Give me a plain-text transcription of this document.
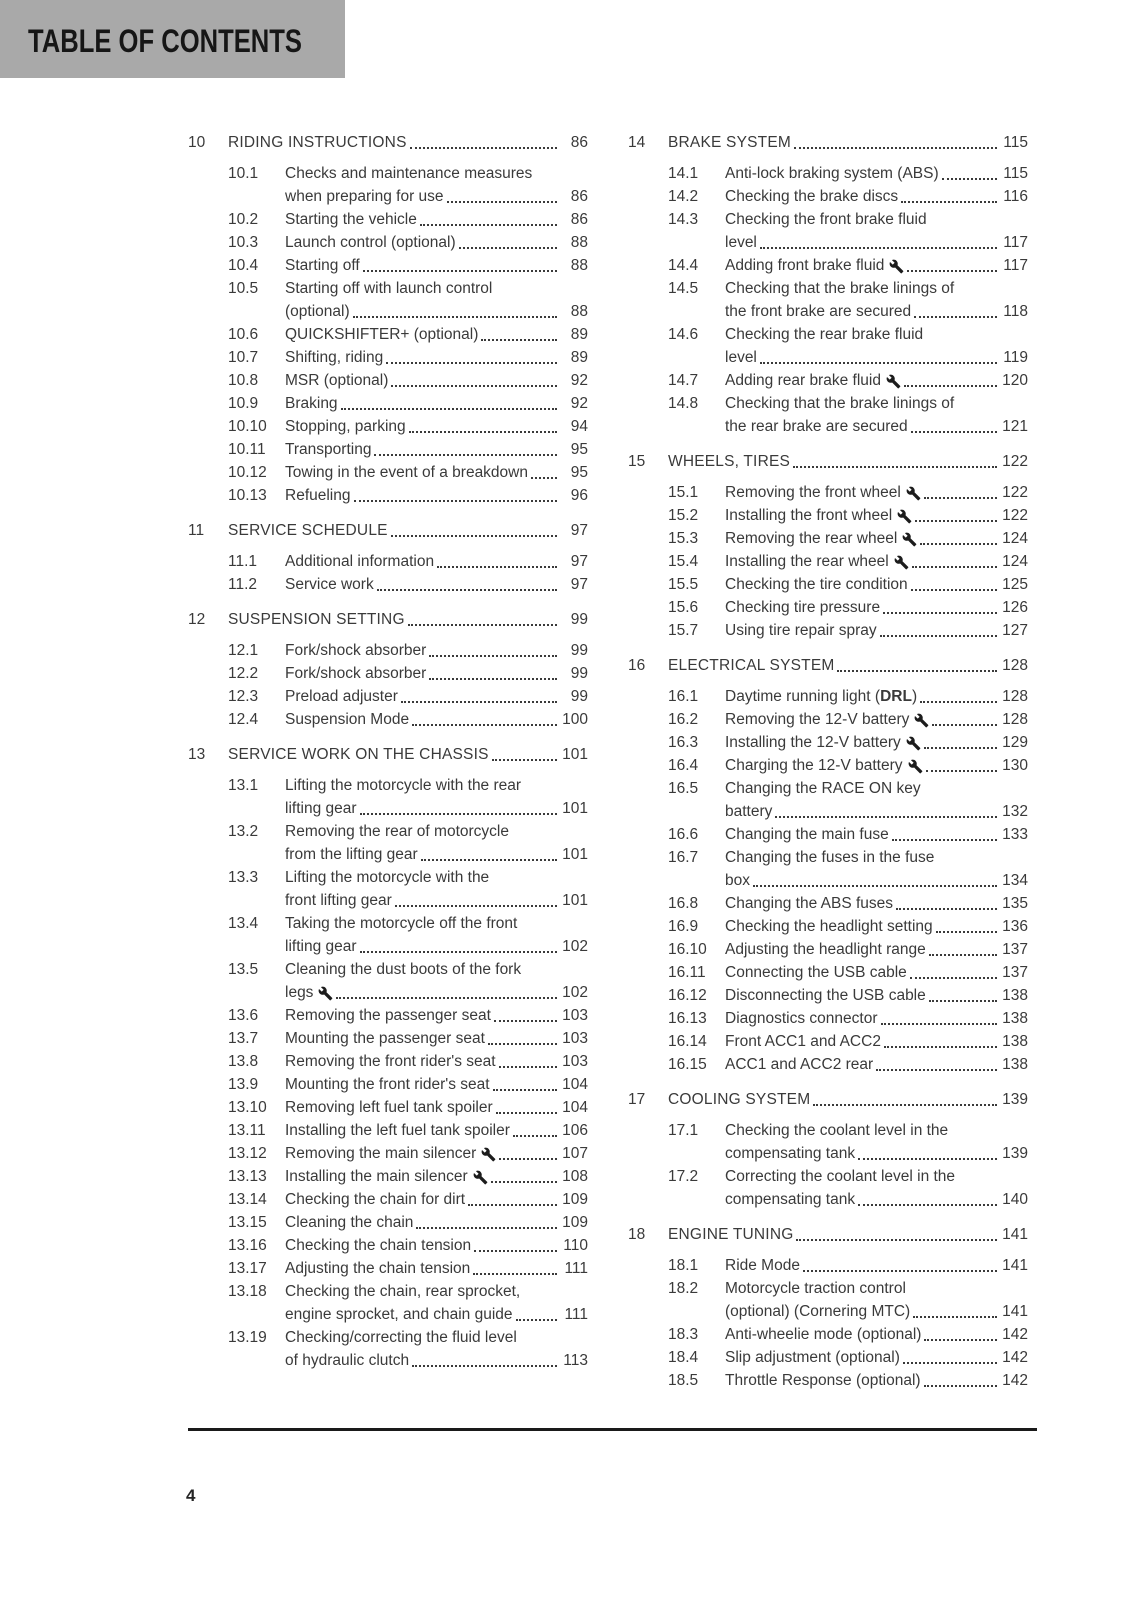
TABLE OF CONTENTS
10	RIDING INSTRUCTIONS	86
10.1	Checks and maintenance measures
when preparing for use	86
10.2	Starting the vehicle	86
10.3	Launch control (optional)	88
10.4	Starting off	88
10.5	Starting off with launch control
(optional)	88
10.6	QUICKSHIFTER+ (optional)	89
10.7	Shifting, riding	89
10.8	MSR (optional)	92
10.9	Braking	92
10.10	Stopping, parking	94
10.11	Transporting	95
10.12	Towing in the event of a breakdown	95
10.13	Refueling	96
11	SERVICE SCHEDULE	97
11.1	Additional information	97
11.2	Service work	97
12	SUSPENSION SETTING	99
12.1	Fork/shock absorber	99
12.2	Fork/shock absorber	99
12.3	Preload adjuster	99
12.4	Suspension Mode	100
13	SERVICE WORK ON THE CHASSIS	101
13.1	Lifting the motorcycle with the rear
lifting gear	101
13.2	Removing the rear of motorcycle
from the lifting gear	101
13.3	Lifting the motorcycle with the
front lifting gear	101
13.4	Taking the motorcycle off the front
lifting gear	102
13.5	Cleaning the dust boots of the fork
legs	102
13.6	Removing the passenger seat	103
13.7	Mounting the passenger seat	103
13.8	Removing the front rider's seat	103
13.9	Mounting the front rider's seat	104
13.10	Removing left fuel tank spoiler	104
13.11	Installing the left fuel tank spoiler	106
13.12	Removing the main silencer	107
13.13	Installing the main silencer	108
13.14	Checking the chain for dirt	109
13.15	Cleaning the chain	109
13.16	Checking the chain tension	110
13.17	Adjusting the chain tension	111
13.18	Checking the chain, rear sprocket,
engine sprocket, and chain guide	111
13.19	Checking/correcting the fluid level
of hydraulic clutch	113
14	BRAKE SYSTEM	115
14.1	Anti-lock braking system (ABS)	115
14.2	Checking the brake discs	116
14.3	Checking the front brake fluid
level	117
14.4	Adding front brake fluid	117
14.5	Checking that the brake linings of
the front brake are secured	118
14.6	Checking the rear brake fluid
level	119
14.7	Adding rear brake fluid	120
14.8	Checking that the brake linings of
the rear brake are secured	121
15	WHEELS, TIRES	122
15.1	Removing the front wheel	122
15.2	Installing the front wheel	122
15.3	Removing the rear wheel	124
15.4	Installing the rear wheel	124
15.5	Checking the tire condition	125
15.6	Checking tire pressure	126
15.7	Using tire repair spray	127
16	ELECTRICAL SYSTEM	128
16.1	Daytime running light (DRL)	128
16.2	Removing the 12-V battery	128
16.3	Installing the 12-V battery	129
16.4	Charging the 12-V battery	130
16.5	Changing the RACE ON key
battery	132
16.6	Changing the main fuse	133
16.7	Changing the fuses in the fuse
box	134
16.8	Changing the ABS fuses	135
16.9	Checking the headlight setting	136
16.10	Adjusting the headlight range	137
16.11	Connecting the USB cable	137
16.12	Disconnecting the USB cable	138
16.13	Diagnostics connector	138
16.14	Front ACC1 and ACC2	138
16.15	ACC1 and ACC2 rear	138
17	COOLING SYSTEM	139
17.1	Checking the coolant level in the
compensating tank	139
17.2	Correcting the coolant level in the
compensating tank	140
18	ENGINE TUNING	141
18.1	Ride Mode	141
18.2	Motorcycle traction control
(optional) (Cornering MTC)	141
18.3	Anti-wheelie mode (optional)	142
18.4	Slip adjustment (optional)	142
18.5	Throttle Response (optional)	142
4
